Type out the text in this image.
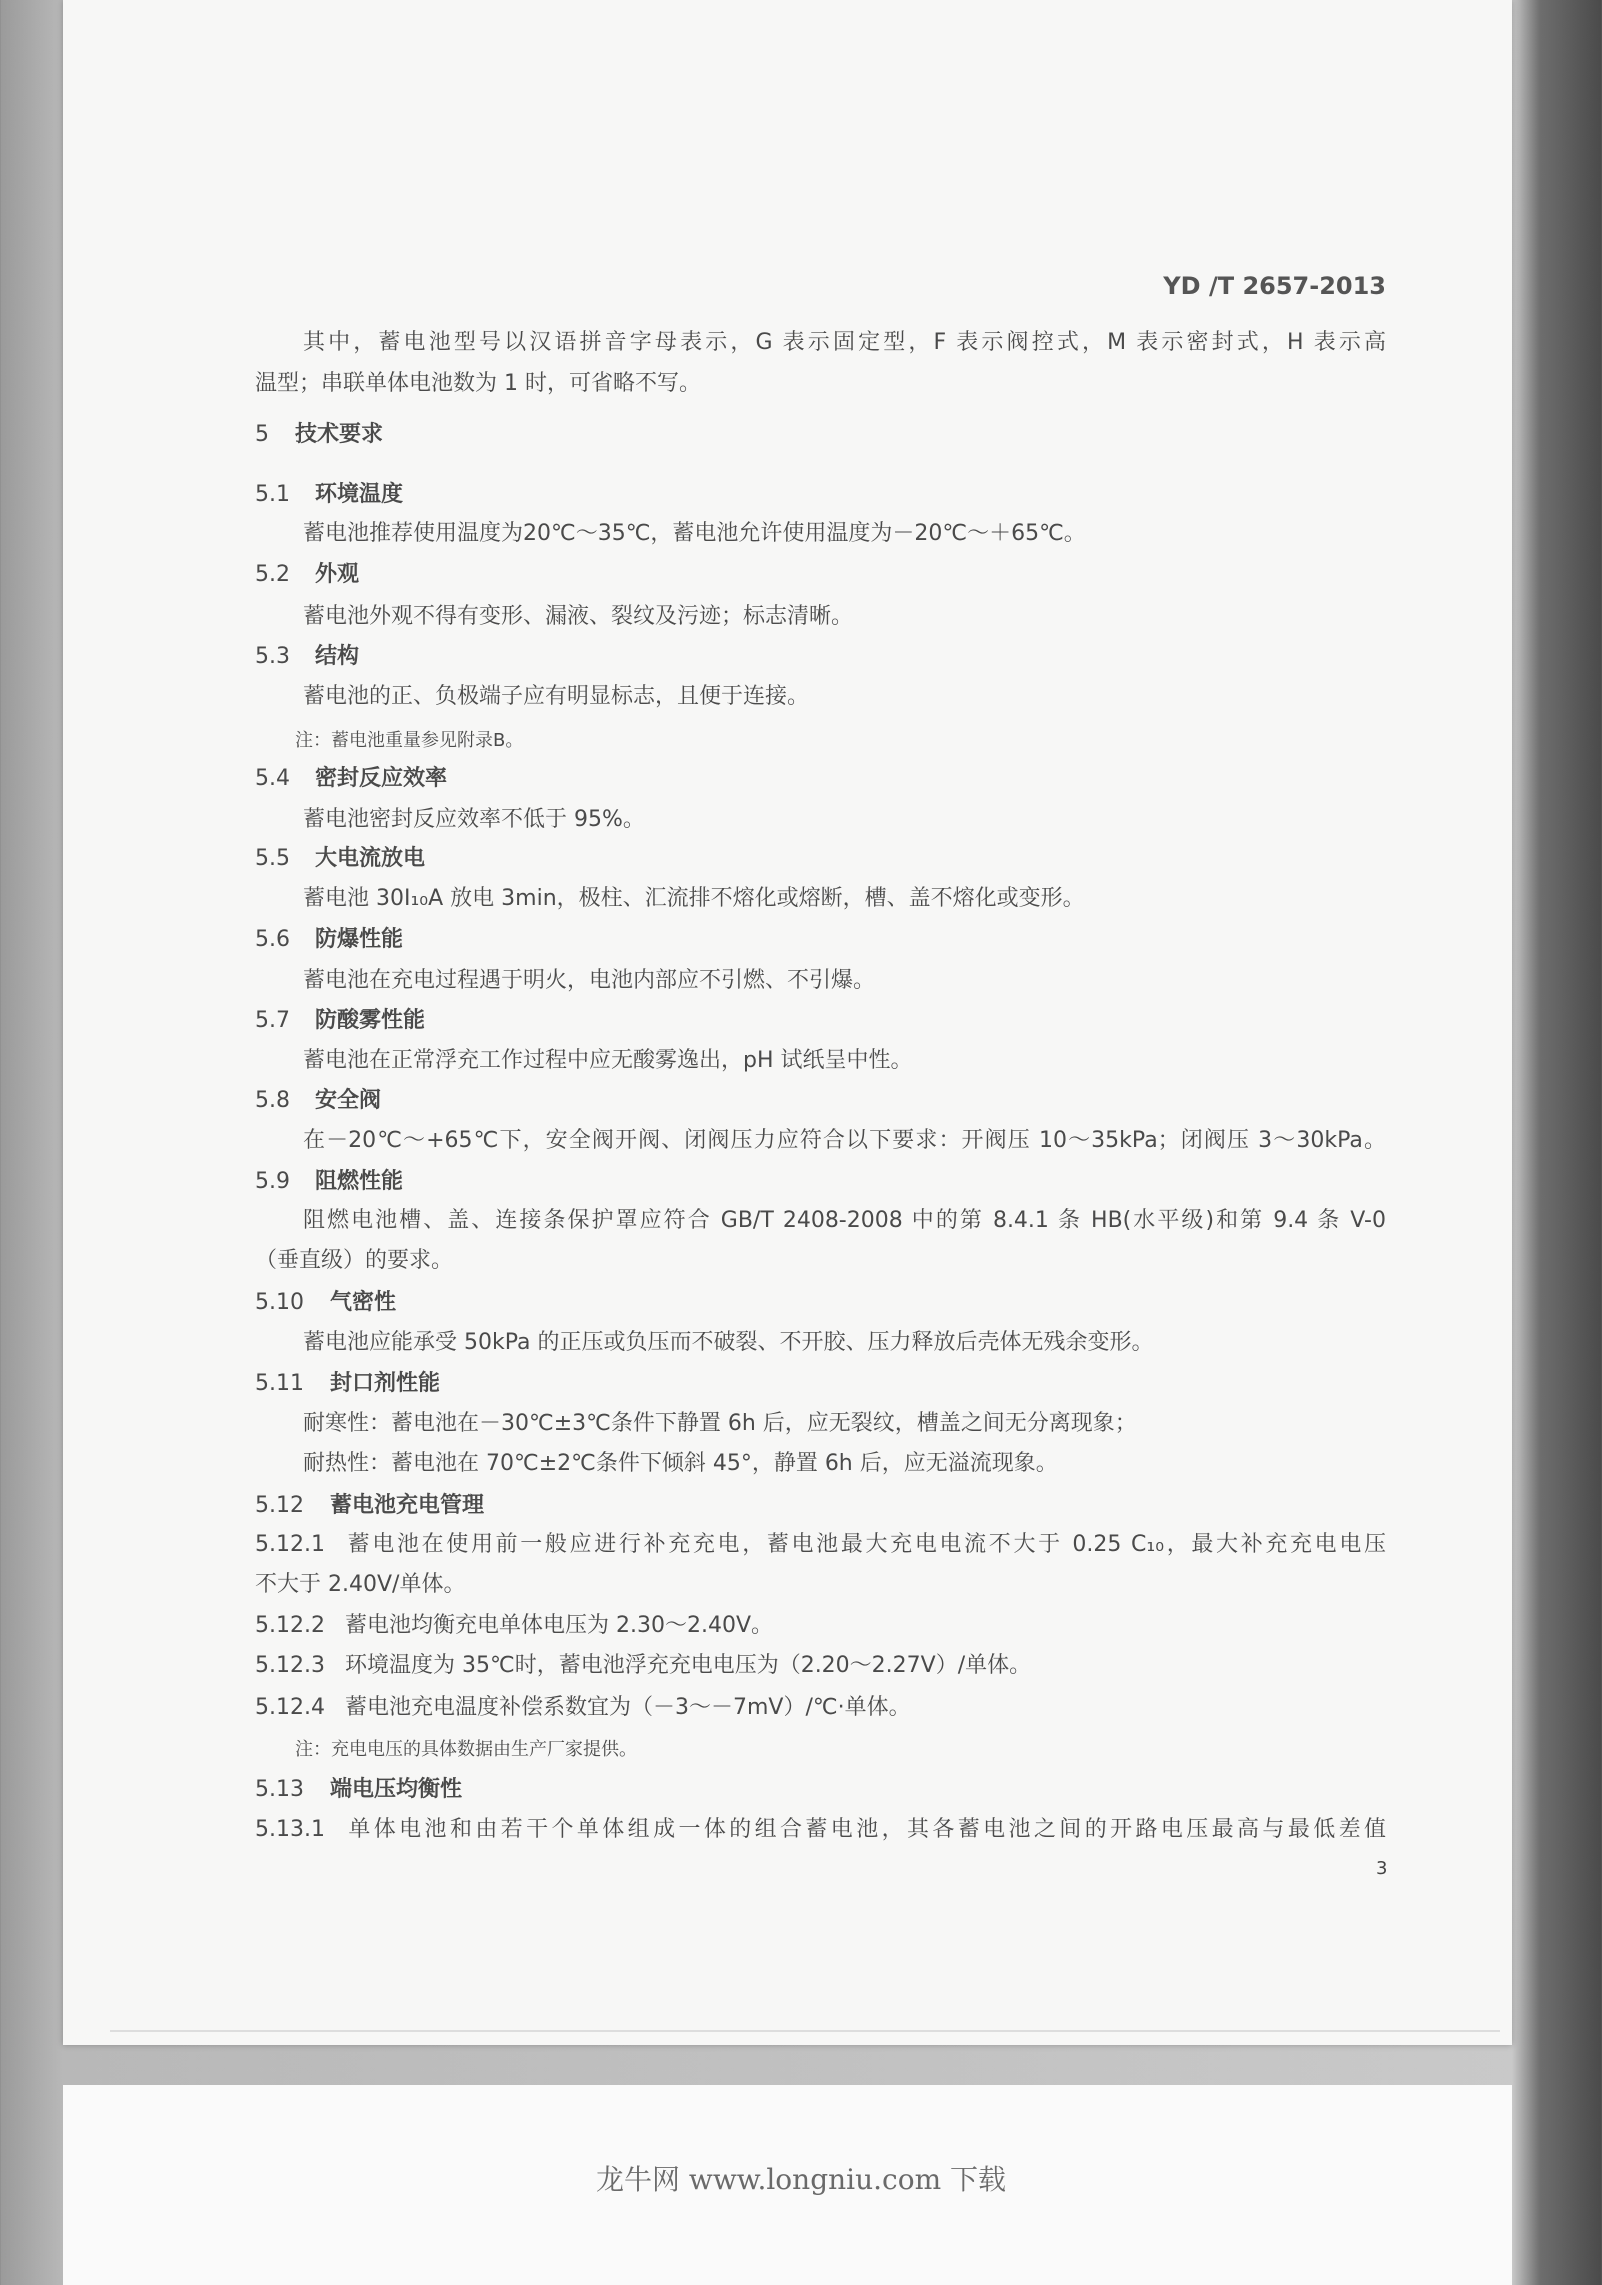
YD /T 2657-2013
其中，蓄电池型号以汉语拼音字母表示，G 表示固定型，F 表示阀控式，M 表示密封式，H 表示高
温型；串联单体电池数为 1 时，可省略不写。
5 技术要求
5.1 环境温度
蓄电池推荐使用温度为20℃～35℃，蓄电池允许使用温度为－20℃～＋65℃。
5.2 外观
蓄电池外观不得有变形、漏液、裂纹及污迹；标志清晰。
5.3 结构
蓄电池的正、负极端子应有明显标志，且便于连接。
注：蓄电池重量参见附录B。
5.4 密封反应效率
蓄电池密封反应效率不低于 95%。
5.5 大电流放电
蓄电池 30I₁₀A 放电 3min，极柱、汇流排不熔化或熔断，槽、盖不熔化或变形。
5.6 防爆性能
蓄电池在充电过程遇于明火，电池内部应不引燃、不引爆。
5.7 防酸雾性能
蓄电池在正常浮充工作过程中应无酸雾逸出，pH 试纸呈中性。
5.8 安全阀
在－20℃～+65℃下，安全阀开阀、闭阀压力应符合以下要求：开阀压 10～35kPa；闭阀压 3～30kPa。
5.9 阻燃性能
阻燃电池槽、盖、连接条保护罩应符合 GB/T 2408-2008 中的第 8.4.1 条 HB(水平级)和第 9.4 条 V-0
（垂直级）的要求。
5.10 气密性
蓄电池应能承受 50kPa 的正压或负压而不破裂、不开胶、压力释放后壳体无残余变形。
5.11 封口剂性能
耐寒性：蓄电池在－30℃±3℃条件下静置 6h 后，应无裂纹，槽盖之间无分离现象；
耐热性：蓄电池在 70℃±2℃条件下倾斜 45°，静置 6h 后，应无溢流现象。
5.12 蓄电池充电管理
5.12.1 蓄电池在使用前一般应进行补充充电，蓄电池最大充电电流不大于 0.25 C₁₀，最大补充充电电压
不大于 2.40V/单体。
5.12.2 蓄电池均衡充电单体电压为 2.30～2.40V。
5.12.3 环境温度为 35℃时，蓄电池浮充充电电压为（2.20～2.27V）/单体。
5.12.4 蓄电池充电温度补偿系数宜为（－3～－7mV）/℃·单体。
注：充电电压的具体数据由生产厂家提供。
5.13 端电压均衡性
5.13.1 单体电池和由若干个单体组成一体的组合蓄电池，其各蓄电池之间的开路电压最高与最低差值
3
龙牛网 www.longniu.com 下载
